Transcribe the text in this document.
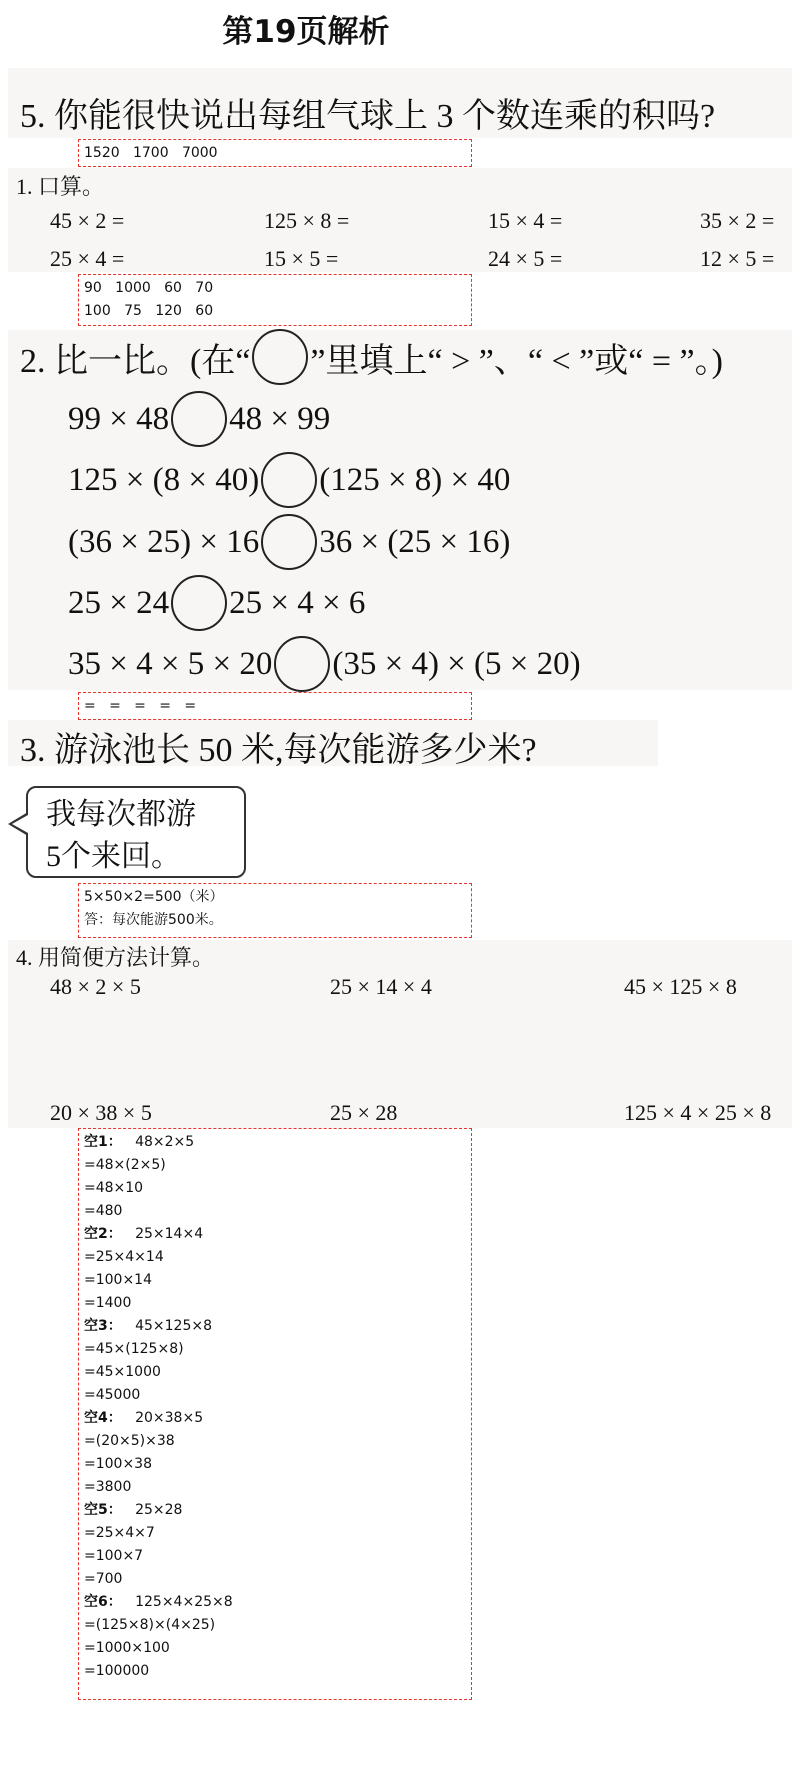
第19页解析
5. 你能很快说出每组气球上 3 个数连乘的积吗?
1520   1700   7000
1. 口算。
45 × 2 =	125 × 8 =	15 × 4 =	35 × 2 =
25 × 4 =	15 × 5 =	24 × 5 =	12 × 5 =
90   1000   60   70
100   75   120   60
2. 比一比。(在“ ”里填上“ > ”、“ < ”或“ = ”。)
99 × 48 48 × 99
125 × (8 × 40) (125 × 8) × 40
(36 × 25) × 16 36 × (25 × 16)
25 × 24 25 × 4 × 6
35 × 4 × 5 × 20 (35 × 4) × (5 × 20)
=   =   =   =   =
3. 游泳池长 50 米,每次能游多少米?
我每次都游
5个来回。
5×50×2=500（米）
答：每次能游500米。
4. 用简便方法计算。
48 × 2 × 5	25 × 14 × 4	45 × 125 × 8
20 × 38 × 5	25 × 28	125 × 4 × 25 × 8
空1： 48×2×5
=48×(2×5)
=48×10
=480
空2： 25×14×4
=25×4×14
=100×14
=1400
空3： 45×125×8
=45×(125×8)
=45×1000
=45000
空4： 20×38×5
=(20×5)×38
=100×38
=3800
空5： 25×28
=25×4×7
=100×7
=700
空6： 125×4×25×8
=(125×8)×(4×25)
=1000×100
=100000
